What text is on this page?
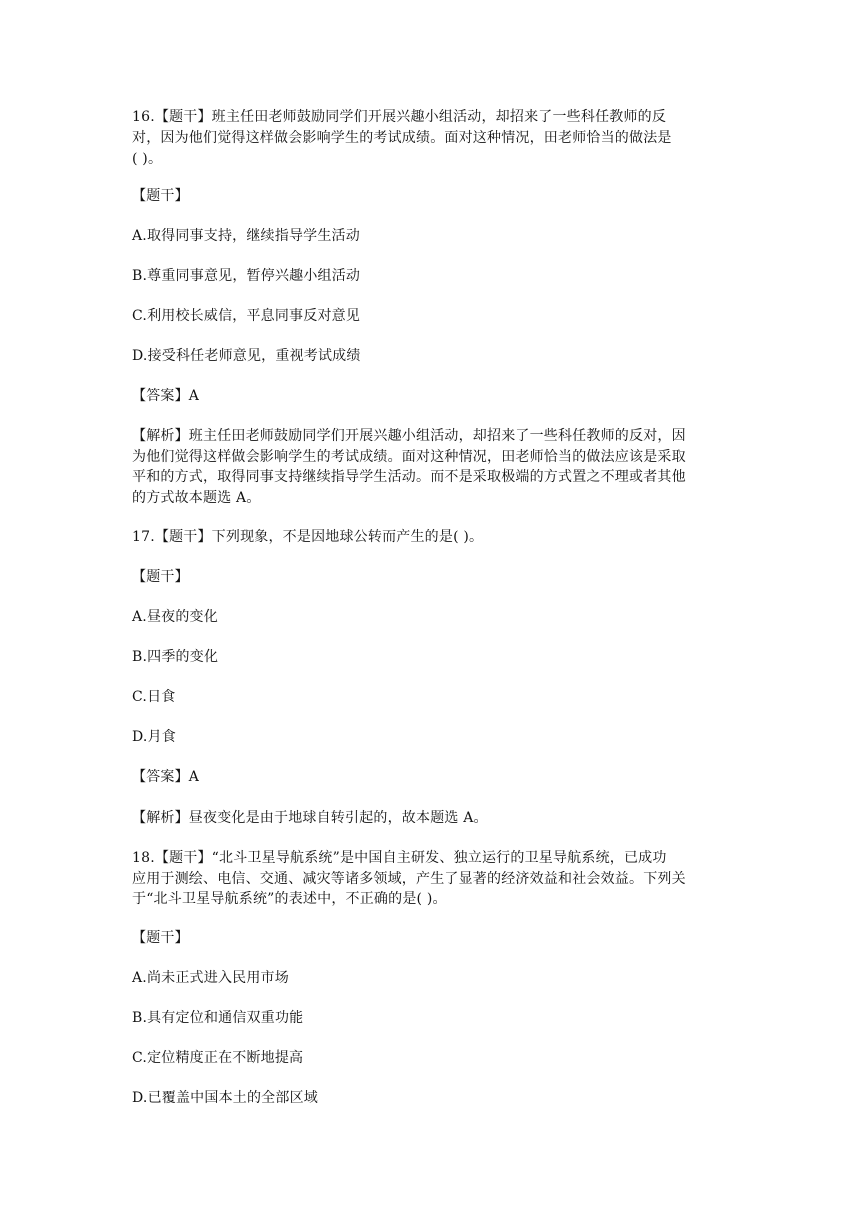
16.【题干】班主任田老师鼓励同学们开展兴趣小组活动，却招来了一些科任教师的反
对，因为他们觉得这样做会影响学生的考试成绩。面对这种情况，田老师恰当的做法是
( )。
【题干】
A.取得同事支持，继续指导学生活动
B.尊重同事意见，暂停兴趣小组活动
C.利用校长威信，平息同事反对意见
D.接受科任老师意见，重视考试成绩
【答案】A
【解析】班主任田老师鼓励同学们开展兴趣小组活动，却招来了一些科任教师的反对，因
为他们觉得这样做会影响学生的考试成绩。面对这种情况，田老师恰当的做法应该是采取
平和的方式，取得同事支持继续指导学生活动。而不是采取极端的方式置之不理或者其他
的方式故本题选 A。
17.【题干】下列现象，不是因地球公转而产生的是( )。
【题干】
A.昼夜的变化
B.四季的变化
C.日食
D.月食
【答案】A
【解析】昼夜变化是由于地球自转引起的，故本题选 A。
18.【题干】“北斗卫星导航系统”是中国自主研发、独立运行的卫星导航系统，已成功
应用于测绘、电信、交通、减灾等诸多领域，产生了显著的经济效益和社会效益。下列关
于“北斗卫星导航系统”的表述中，不正确的是( )。
【题干】
A.尚未正式进入民用市场
B.具有定位和通信双重功能
C.定位精度正在不断地提高
D.已覆盖中国本土的全部区域
